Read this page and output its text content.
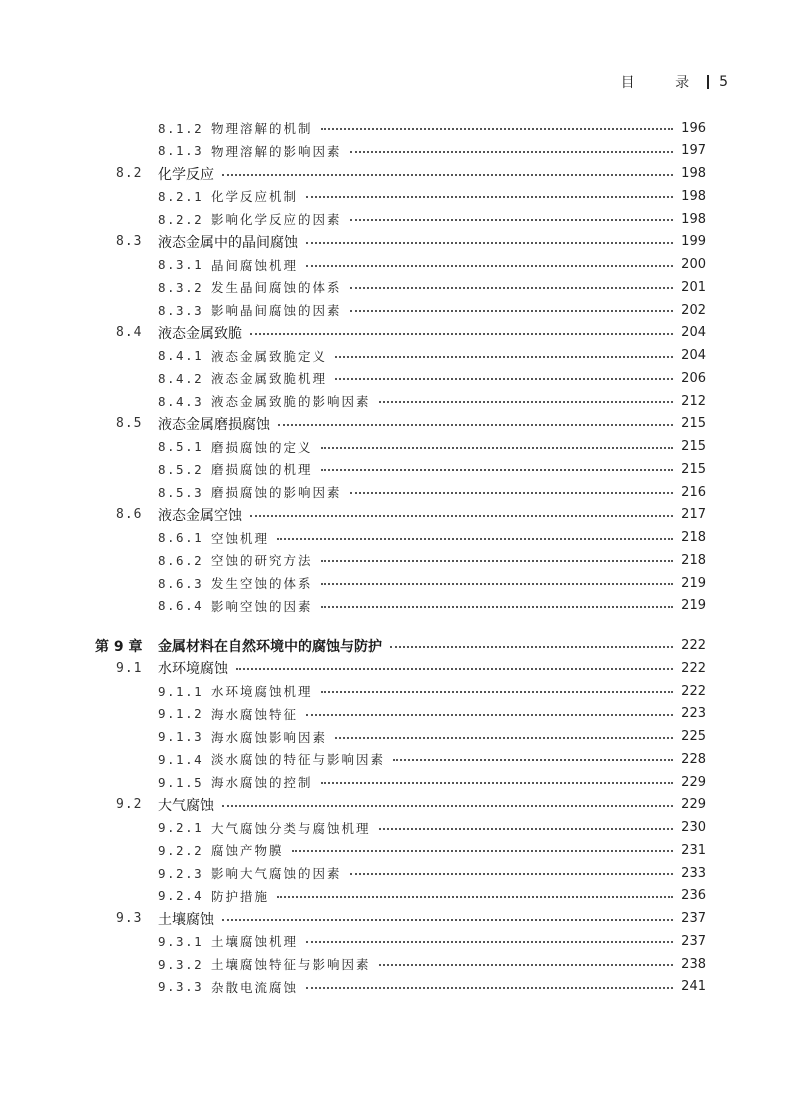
目 录 5
8.1.2 物理溶解的机制	196
8.1.3 物理溶解的影响因素	197
8.2 化学反应	198
8.2.1 化学反应机制	198
8.2.2 影响化学反应的因素	198
8.3 液态金属中的晶间腐蚀	199
8.3.1 晶间腐蚀机理	200
8.3.2 发生晶间腐蚀的体系	201
8.3.3 影响晶间腐蚀的因素	202
8.4 液态金属致脆	204
8.4.1 液态金属致脆定义	204
8.4.2 液态金属致脆机理	206
8.4.3 液态金属致脆的影响因素	212
8.5 液态金属磨损腐蚀	215
8.5.1 磨损腐蚀的定义	215
8.5.2 磨损腐蚀的机理	215
8.5.3 磨损腐蚀的影响因素	216
8.6 液态金属空蚀	217
8.6.1 空蚀机理	218
8.6.2 空蚀的研究方法	218
8.6.3 发生空蚀的体系	219
8.6.4 影响空蚀的因素	219
第 9 章 金属材料在自然环境中的腐蚀与防护	222
9.1 水环境腐蚀	222
9.1.1 水环境腐蚀机理	222
9.1.2 海水腐蚀特征	223
9.1.3 海水腐蚀影响因素	225
9.1.4 淡水腐蚀的特征与影响因素	228
9.1.5 海水腐蚀的控制	229
9.2 大气腐蚀	229
9.2.1 大气腐蚀分类与腐蚀机理	230
9.2.2 腐蚀产物膜	231
9.2.3 影响大气腐蚀的因素	233
9.2.4 防护措施	236
9.3 土壤腐蚀	237
9.3.1 土壤腐蚀机理	237
9.3.2 土壤腐蚀特征与影响因素	238
9.3.3 杂散电流腐蚀	241
